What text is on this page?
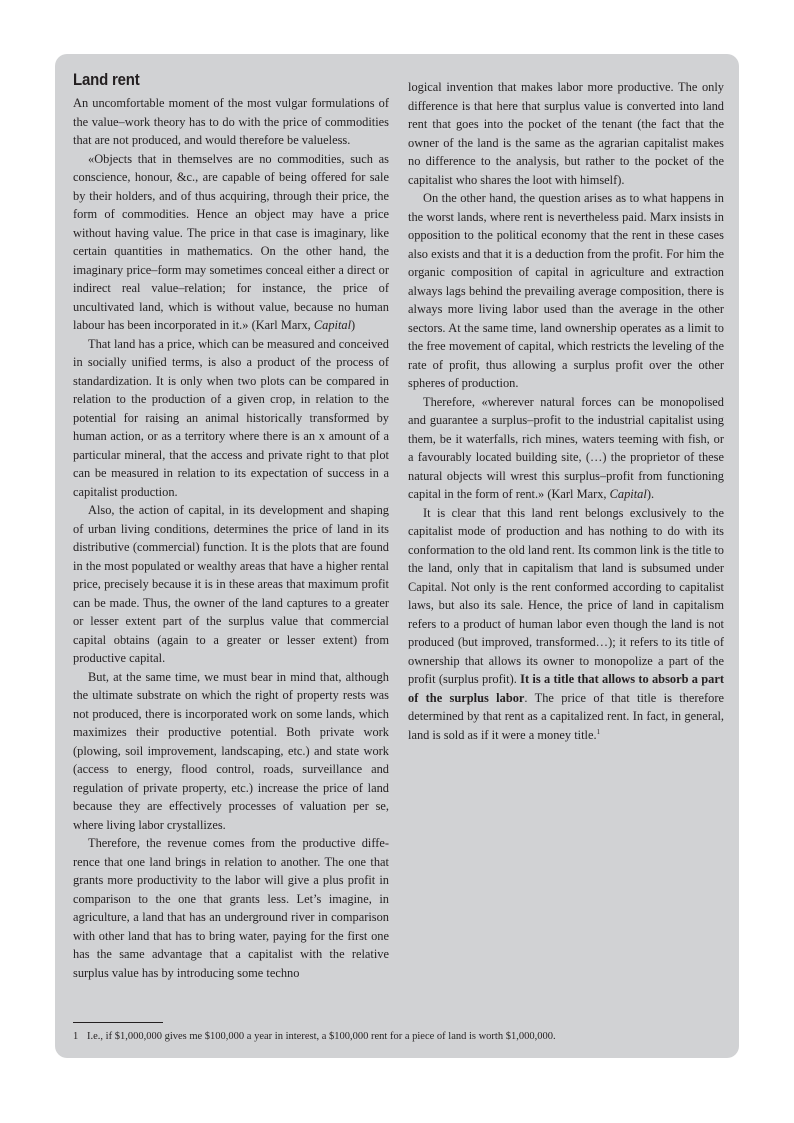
Land rent

An uncomfortable moment of the most vulgar formulations of the value–work theory has to do with the price of commodities that are not produced, and would therefore be valueless.

«Objects that in themselves are no commodities, such as conscience, honour, &c., are capable of being offered for sale by their holders, and of thus acquiring, through their price, the form of commodities. Hence an object may have a price without having value. The price in that case is imaginary, like certain quantities in mathematics. On the other hand, the imaginary price–form may sometimes conceal either a direct or indirect real value–relation; for instance, the price of uncultivated land, which is without value, because no human labour has been incorporated in it.» (Karl Marx, Capital)

That land has a price, which can be measured and conceived in socially unified terms, is also a product of the process of standardization. It is only when two plots can be compared in relation to the production of a given crop, in relation to the potential for raising an animal historically transformed by human action, or as a territory where there is an x amount of a particular mineral, that the access and private right to that plot can be measured in relation to its expectation of success in a capitalist production.

Also, the action of capital, in its development and shaping of urban living conditions, determines the price of land in its distributive (commercial) function. It is the plots that are found in the most populated or wealthy areas that have a higher rental price, precisely because it is in these areas that maximum profit can be made. Thus, the owner of the land captures to a greater or lesser extent part of the surplus value that commercial capital obtains (again to a greater or lesser extent) from productive capital.

But, at the same time, we must bear in mind that, although the ultimate substrate on which the right of property rests was not produced, there is incorporated work on some lands, which maximizes their productive potential. Both private work (plowing, soil improvement, landscaping, etc.) and state work (access to energy, flood control, roads, surveillance and regulation of private property, etc.) increase the price of land because they are effectively processes of valuation per se, where living labor crystallizes.

Therefore, the revenue comes from the productive difference that one land brings in relation to another. The one that grants more productivity to the labor will give a plus profit in comparison to the one that grants less. Let’s imagine, in agriculture, a land that has an underground river in comparison with other land that has to bring water, paying for the first one has the same advantage that a capitalist with the relative surplus value has by introducing some techno

logical invention that makes labor more productive. The only difference is that here that surplus value is converted into land rent that goes into the pocket of the tenant (the fact that the owner of the land is the same as the agrarian capitalist makes no difference to the analysis, but rather to the pocket of the capitalist who shares the loot with himself).

On the other hand, the question arises as to what happens in the worst lands, where rent is nevertheless paid. Marx insists in opposition to the political economy that the rent in these cases also exists and that it is a deduction from the profit. For him the organic composition of capital in agriculture and extraction always lags behind the prevailing average composition, there is always more living labor used than the average in the other sectors. At the same time, land ownership operates as a limit to the free movement of capital, which restricts the leveling of the rate of profit, thus allowing a surplus profit over the other spheres of production.

Therefore, «wherever natural forces can be monopolised and guarantee a surplus–profit to the industrial capitalist using them, be it waterfalls, rich mines, waters teeming with fish, or a favourably located building site, (…) the proprietor of these natural objects will wrest this surplus–profit from functioning capital in the form of rent.» (Karl Marx, Capital).

It is clear that this land rent belongs exclusively to the capitalist mode of production and has nothing to do with its conformation to the old land rent. Its common link is the title to the land, only that in capitalism that land is subsumed under Capital. Not only is the rent conformed according to capitalist laws, but also its sale. Hence, the price of land in capitalism refers to a product of human labor even though the land is not produced (but improved, transformed…); it refers to its title of ownership that allows its owner to monopolize a part of the profit (surplus profit). It is a title that allows to absorb a part of the surplus labor. The price of that title is therefore determined by that rent as a capitalized rent. In fact, in general, land is sold as if it were a money title.$^1$

1 I.e., if $1,000,000 gives me $100,000 a year in interest, a $100,000 rent for a piece of land is worth $1,000,000.
